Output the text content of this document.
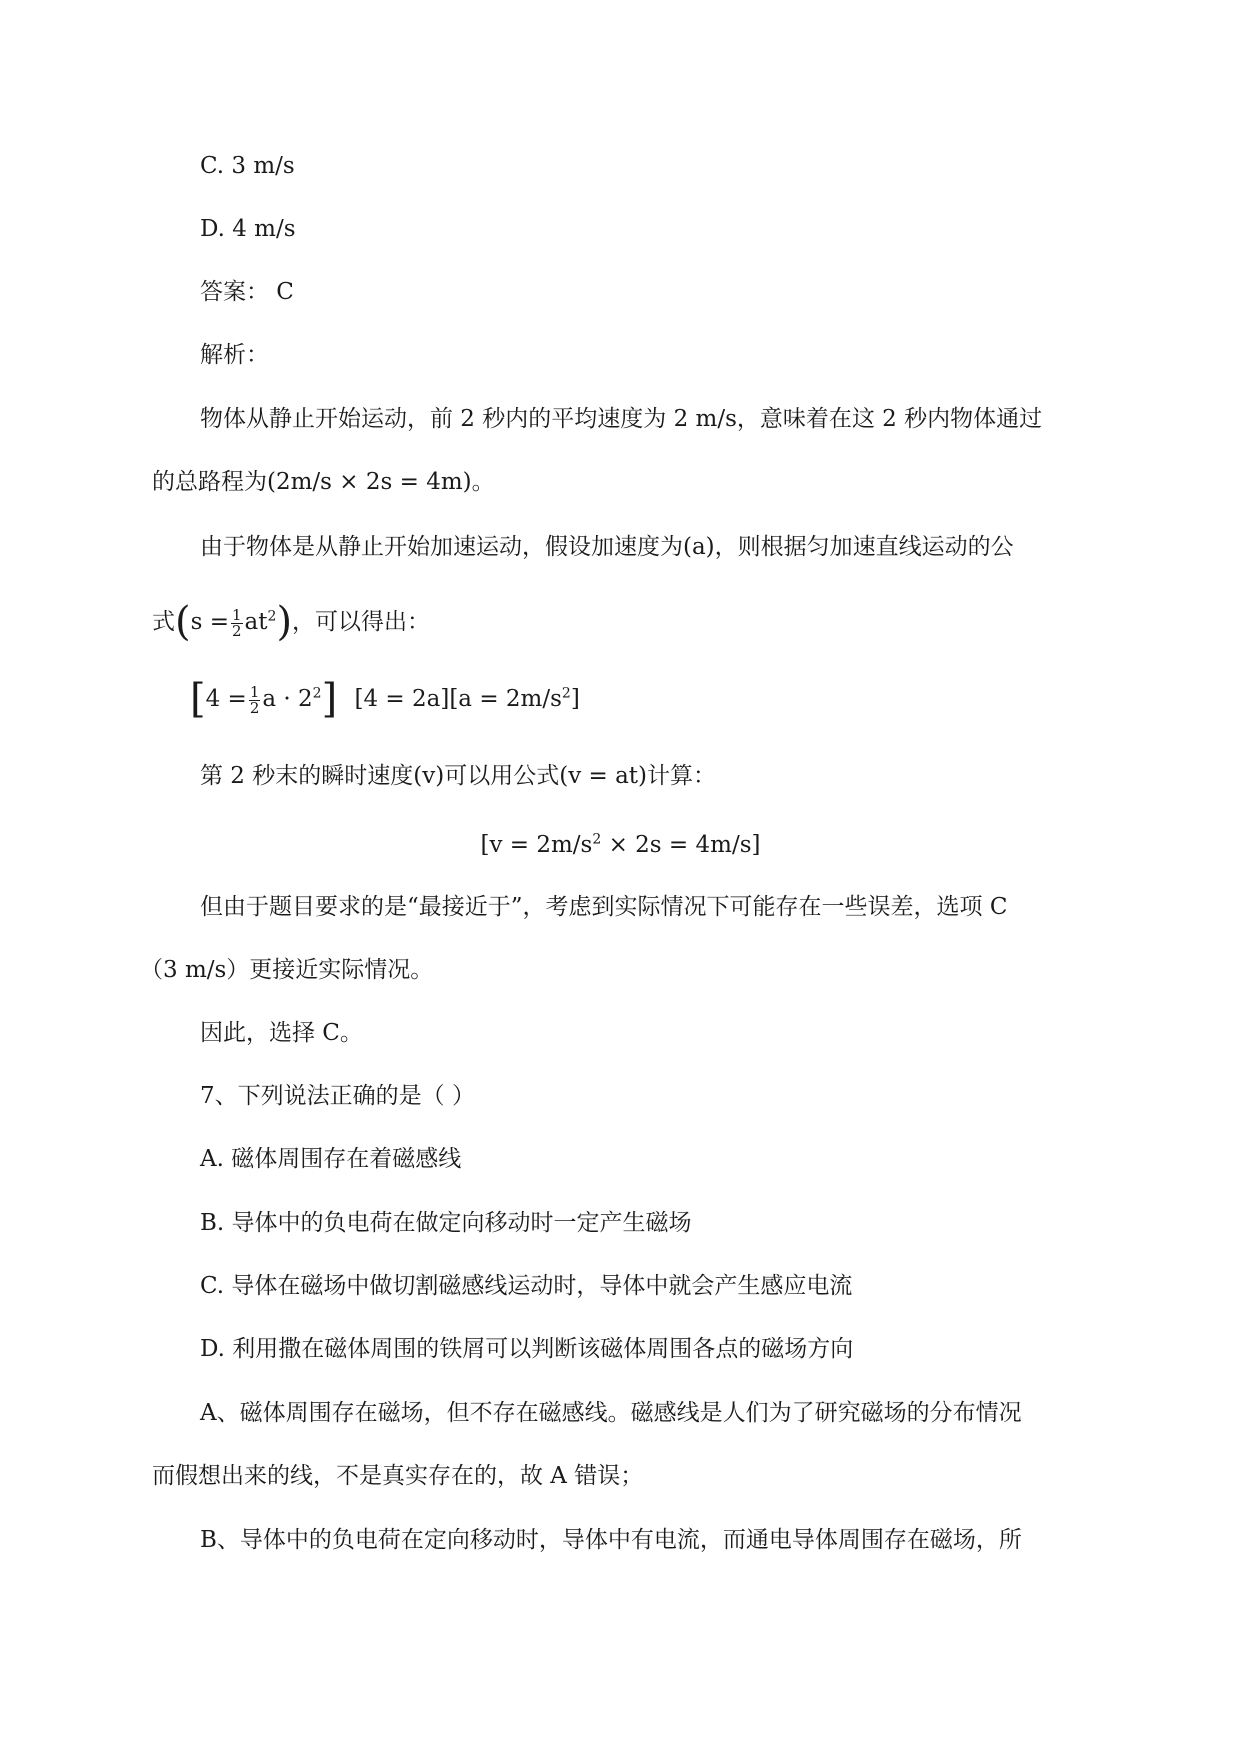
C. 3 m/s
D. 4 m/s
答案： C
解析：
物体从静止开始运动，前 2 秒内的平均速度为 2 m/s，意味着在这 2 秒内物体通过
的总路程为(2m/s × 2s = 4m)。
由于物体是从静止开始加速运动，假设加速度为(a)，则根据匀加速直线运动的公
式$(s = \frac{1}{2} at^2)$，可以得出：
[$4 = \frac{1}{2}$ $a \cdot 2^2$] $[4 = 2a][a = 2m/s^2]$
第 2 秒末的瞬时速度(v)可以用公式(v = at)计算：
$[v = 2m/s^2 \times 2s = 4m/s]$
但由于题目要求的是“最接近于”，考虑到实际情况下可能存在一些误差，选项 C
（3 m/s）更接近实际情况。
因此，选择 C。
7、下列说法正确的是（ ）
A. 磁体周围存在着磁感线
B. 导体中的负电荷在做定向移动时一定产生磁场
C. 导体在磁场中做切割磁感线运动时，导体中就会产生感应电流
D. 利用撒在磁体周围的铁屑可以判断该磁体周围各点的磁场方向
A、磁体周围存在磁场，但不存在磁感线。磁感线是人们为了研究磁场的分布情况
而假想出来的线，不是真实存在的，故 A 错误；
B、导体中的负电荷在定向移动时，导体中有电流，而通电导体周围存在磁场，所
